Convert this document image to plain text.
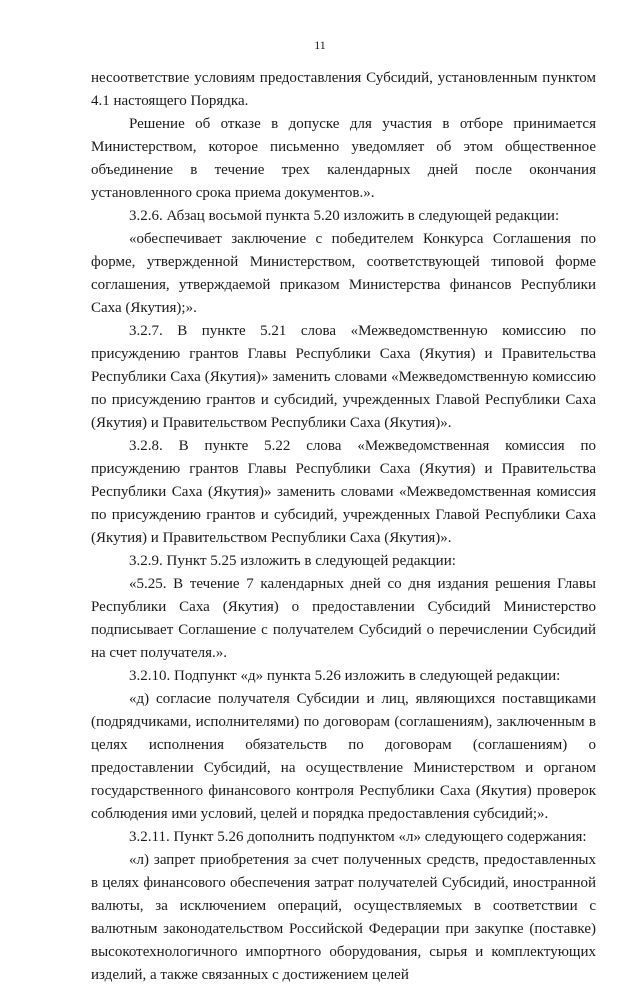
11

несоответствие условиям предоставления Субсидий, установленным пунктом 4.1 настоящего Порядка.

Решение об отказе в допуске для участия в отборе принимается Министерством, которое письменно уведомляет об этом общественное объединение в течение трех календарных дней после окончания установленного срока приема документов.».

3.2.6. Абзац восьмой пункта 5.20 изложить в следующей редакции:

«обеспечивает заключение с победителем Конкурса Соглашения по форме, утвержденной Министерством, соответствующей типовой форме соглашения, утверждаемой приказом Министерства финансов Республики Саха (Якутия);».

3.2.7. В пункте 5.21 слова «Межведомственную комиссию по присуждению грантов Главы Республики Саха (Якутия) и Правительства Республики Саха (Якутия)» заменить словами «Межведомственную комиссию по присуждению грантов и субсидий, учрежденных Главой Республики Саха (Якутия) и Правительством Республики Саха (Якутия)».

3.2.8. В пункте 5.22 слова «Межведомственная комиссия по присуждению грантов Главы Республики Саха (Якутия) и Правительства Республики Саха (Якутия)» заменить словами «Межведомственная комиссия по присуждению грантов и субсидий, учрежденных Главой Республики Саха (Якутия) и Правительством Республики Саха (Якутия)».

3.2.9. Пункт 5.25 изложить в следующей редакции:

«5.25. В течение 7 календарных дней со дня издания решения Главы Республики Саха (Якутия) о предоставлении Субсидий Министерство подписывает Соглашение с получателем Субсидий о перечислении Субсидий на счет получателя.».

3.2.10. Подпункт «д» пункта 5.26 изложить в следующей редакции:

«д) согласие получателя Субсидии и лиц, являющихся поставщиками (подрядчиками, исполнителями) по договорам (соглашениям), заключенным в целях исполнения обязательств по договорам (соглашениям) о предоставлении Субсидий, на осуществление Министерством и органом государственного финансового контроля Республики Саха (Якутия) проверок соблюдения ими условий, целей и порядка предоставления субсидий;».

3.2.11. Пункт 5.26 дополнить подпунктом «л» следующего содержания:

«л) запрет приобретения за счет полученных средств, предоставленных в целях финансового обеспечения затрат получателей Субсидий, иностранной валюты, за исключением операций, осуществляемых в соответствии с валютным законодательством Российской Федерации при закупке (поставке) высокотехнологичного импортного оборудования, сырья и комплектующих изделий, а также связанных с достижением целей
